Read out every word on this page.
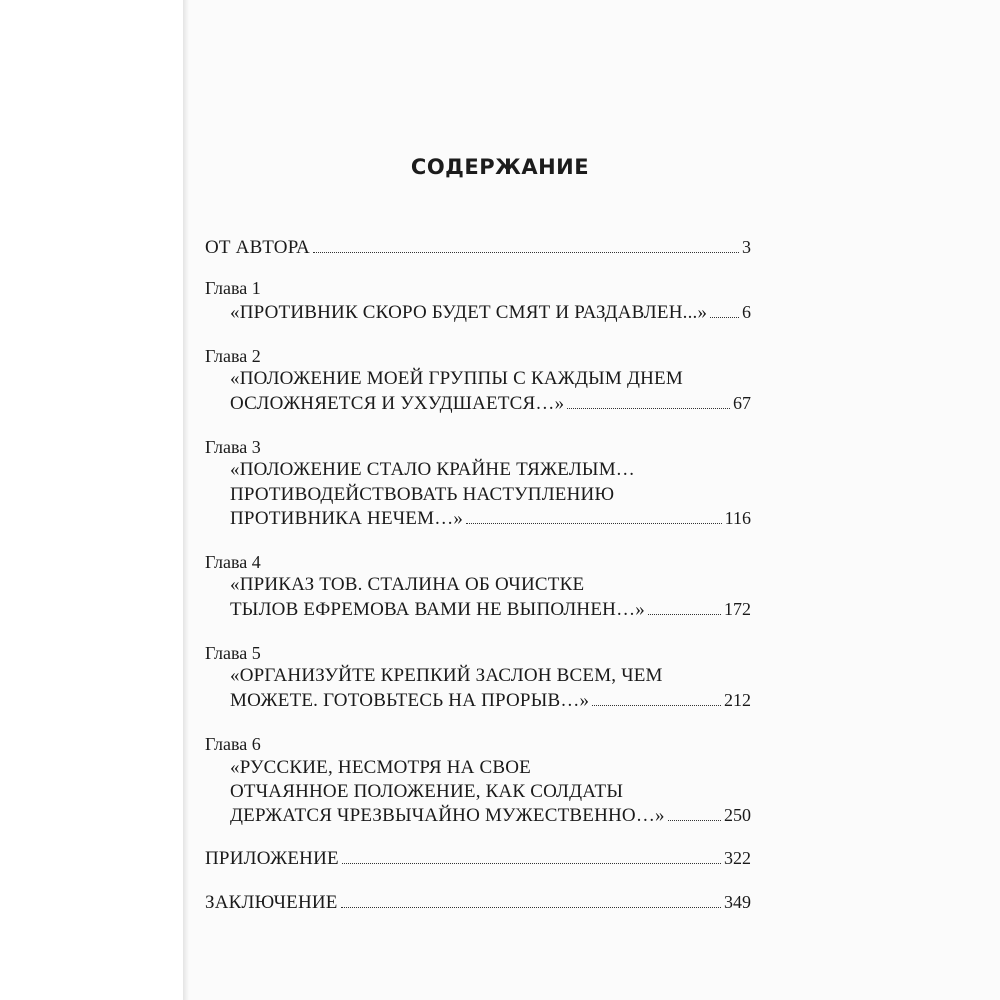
СОДЕРЖАНИЕ
ОТ АВТОРА	3
Глава 1
«ПРОТИВНИК СКОРО БУДЕТ СМЯТ И РАЗДАВЛЕН...» 6
Глава 2
«ПОЛОЖЕНИЕ МОЕЙ ГРУППЫ С КАЖДЫМ ДНЕМ
ОСЛОЖНЯЕТСЯ И УХУДШАЕТСЯ…»	67
Глава 3
«ПОЛОЖЕНИЕ СТАЛО КРАЙНЕ ТЯЖЕЛЫМ…
ПРОТИВОДЕЙСТВОВАТЬ НАСТУПЛЕНИЮ
ПРОТИВНИКА НЕЧЕМ…»	116
Глава 4
«ПРИКАЗ ТОВ. СТАЛИНА ОБ ОЧИСТКЕ
ТЫЛОВ ЕФРЕМОВА ВАМИ НЕ ВЫПОЛНЕН…»	172
Глава 5
«ОРГАНИЗУЙТЕ КРЕПКИЙ ЗАСЛОН ВСЕМ, ЧЕМ
МОЖЕТЕ. ГОТОВЬТЕСЬ НА ПРОРЫВ…»	212
Глава 6
«РУССКИЕ, НЕСМОТРЯ НА СВОЕ
ОТЧАЯННОЕ ПОЛОЖЕНИЕ, КАК СОЛДАТЫ
ДЕРЖАТСЯ ЧРЕЗВЫЧАЙНО МУЖЕСТВЕННО…»	250
ПРИЛОЖЕНИЕ	322
ЗАКЛЮЧЕНИЕ	349
